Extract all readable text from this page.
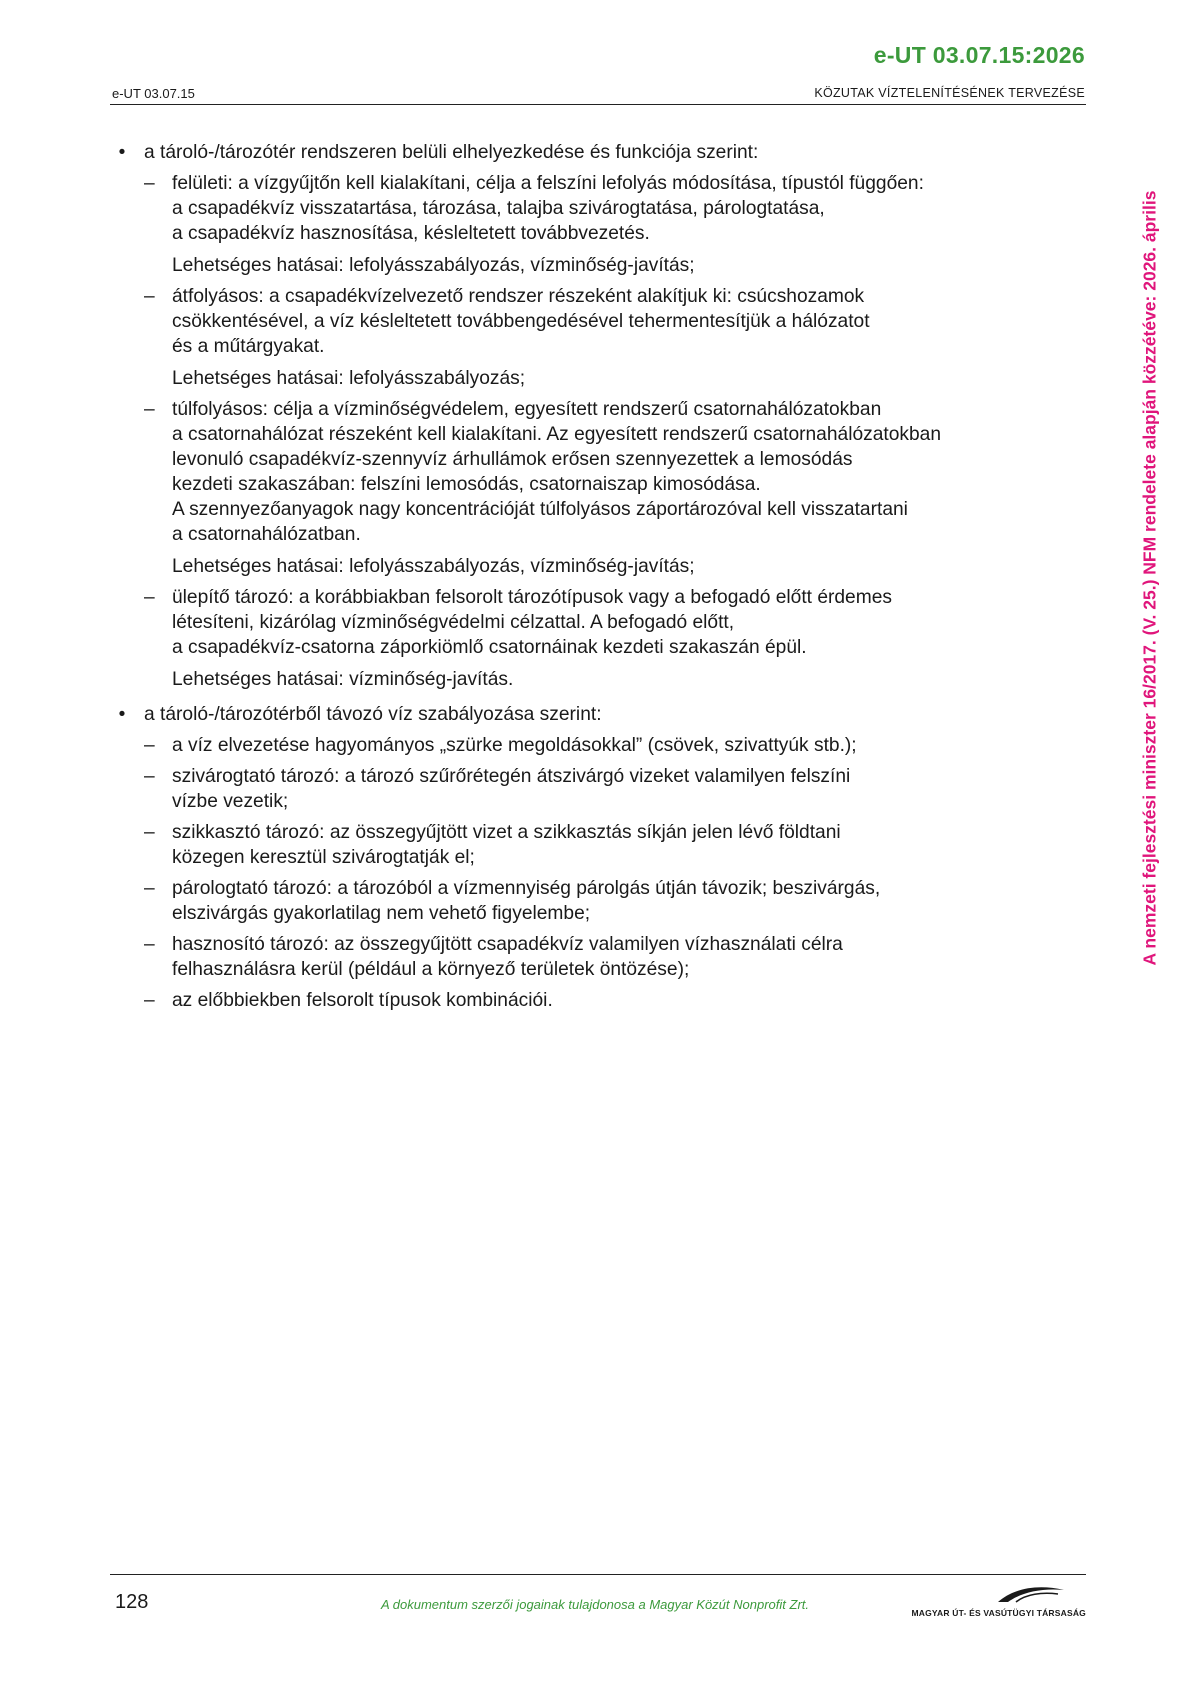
e-UT 03.07.15:2026
e-UT 03.07.15	KÖZUTAK VÍZTELENÍTÉSÉNEK TERVEZÉSE
A nemzeti fejlesztési miniszter 16/2017. (V. 25.) NFM rendelete alapján közzétéve: 2026. április
• a tároló-/tározótér rendszeren belüli elhelyezkedése és funkciója szerint:
– felületi: a vízgyűjtőn kell kialakítani, célja a felszíni lefolyás módosítása, típustól függően:

a csapadékvíz visszatartása, tározása, talajba szivárogtatása, párologtatása,

a csapadékvíz hasznosítása, késleltetett továbbvezetés.

Lehetséges hatásai: lefolyásszabályozás, vízminőség-javítás;

– átfolyásos: a csapadékvízelvezető rendszer részeként alakítjuk ki: csúcshozamok

csökkentésével, a víz késleltetett továbbengedésével tehermentesítjük a hálózatot

és a műtárgyakat.

Lehetséges hatásai: lefolyásszabályozás;

– túlfolyásos: célja a vízminőségvédelem, egyesített rendszerű csatornahálózatokban

a csatornahálózat részeként kell kialakítani. Az egyesített rendszerű csatornahálózatokban

levonuló csapadékvíz-szennyvíz árhullámok erősen szennyezettek a lemosódás

kezdeti szakaszában: felszíni lemosódás, csatornaiszap kimosódása.

A szennyezőanyagok nagy koncentrációját túlfolyásos záportározóval kell visszatartani

a csatornahálózatban.

Lehetséges hatásai: lefolyásszabályozás, vízminőség-javítás;

– ülepítő tározó: a korábbiakban felsorolt tározótípusok vagy a befogadó előtt érdemes

létesíteni, kizárólag vízminőségvédelmi célzattal. A befogadó előtt,

a csapadékvíz-csatorna záporkiömlő csatornáinak kezdeti szakaszán épül.

Lehetséges hatásai: vízminőség-javítás.

• a tároló-/tározótérből távozó víz szabályozása szerint:
– a víz elvezetése hagyományos „szürke megoldásokkal” (csövek, szivattyúk stb.);

– szivárogtató tározó: a tározó szűrőrétegén átszivárgó vizeket valamilyen felszíni

vízbe vezetik;

– szikkasztó tározó: az összegyűjtött vizet a szikkasztás síkján jelen lévő földtani

közegen keresztül szivárogtatják el;

– párologtató tározó: a tározóból a vízmennyiség párolgás útján távozik; beszivárgás,

elszivárgás gyakorlatilag nem vehető figyelembe;

– hasznosító tározó: az összegyűjtött csapadékvíz valamilyen vízhasználati célra

felhasználásra kerül (például a környező területek öntözése);

– az előbbiekben felsorolt típusok kombinációi.

128	A dokumentum szerzői jogainak tulajdonosa a Magyar Közút Nonprofit Zrt.
MAGYAR ÚT- ÉS VASÚTÜGYI TÁRSASÁG
